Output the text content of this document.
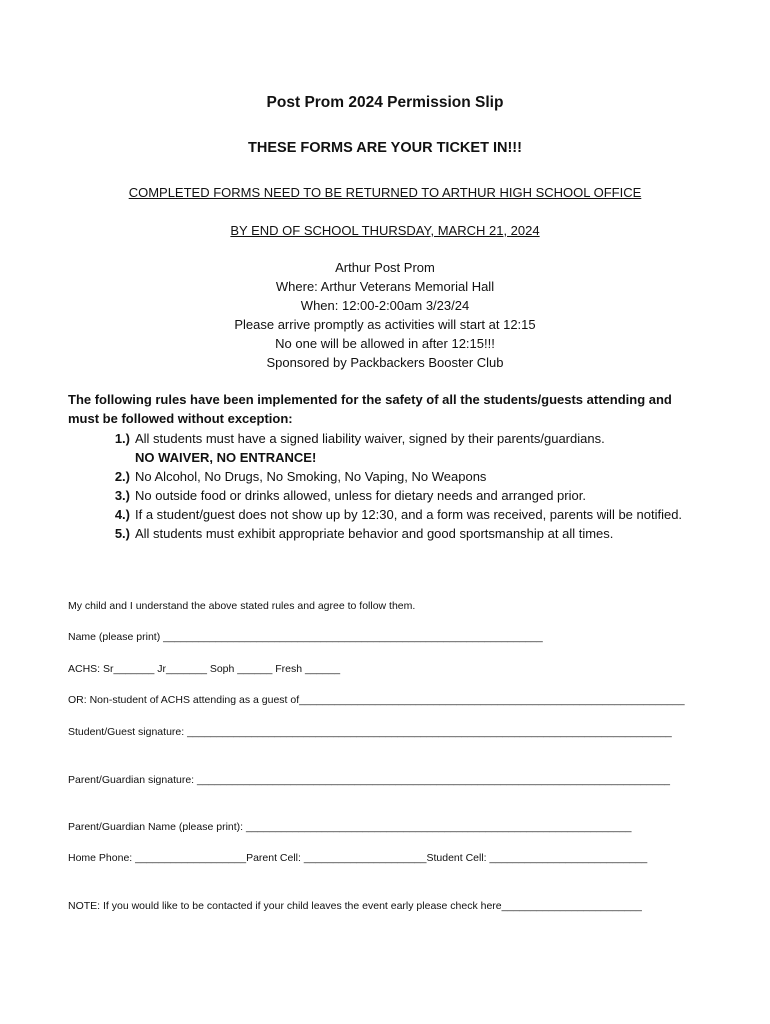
Post Prom 2024 Permission Slip
THESE FORMS ARE YOUR TICKET IN!!!
COMPLETED FORMS NEED TO BE RETURNED TO ARTHUR HIGH SCHOOL OFFICE
BY END OF SCHOOL THURSDAY, MARCH 21, 2024
Arthur Post Prom
Where: Arthur Veterans Memorial Hall
When: 12:00-2:00am 3/23/24
Please arrive promptly as activities will start at 12:15
No one will be allowed in after 12:15!!!
Sponsored by Packbackers Booster Club
The following rules have been implemented for the safety of all the students/guests attending and must be followed without exception:
1.) All students must have a signed liability waiver, signed by their parents/guardians.
NO WAIVER, NO ENTRANCE!
2.) No Alcohol, No Drugs, No Smoking, No Vaping, No Weapons
3.) No outside food or drinks allowed, unless for dietary needs and arranged prior.
4.) If a student/guest does not show up by 12:30, and a form was received, parents will be notified.
5.) All students must exhibit appropriate behavior and good sportsmanship at all times.
My child and I understand the above stated rules and agree to follow them.
Name (please print) _________________________________________________________________
ACHS: Sr_______ Jr_______ Soph ______ Fresh ______
OR: Non-student of ACHS attending as a guest of__________________________________________________________________
Student/Guest signature: ___________________________________________________________________________________
Parent/Guardian signature: _________________________________________________________________________________
Parent/Guardian Name (please print): __________________________________________________________________
Home Phone: ___________________Parent Cell: _____________________Student Cell: ___________________________
NOTE: If you would like to be contacted if your child leaves the event early please check here________________________
